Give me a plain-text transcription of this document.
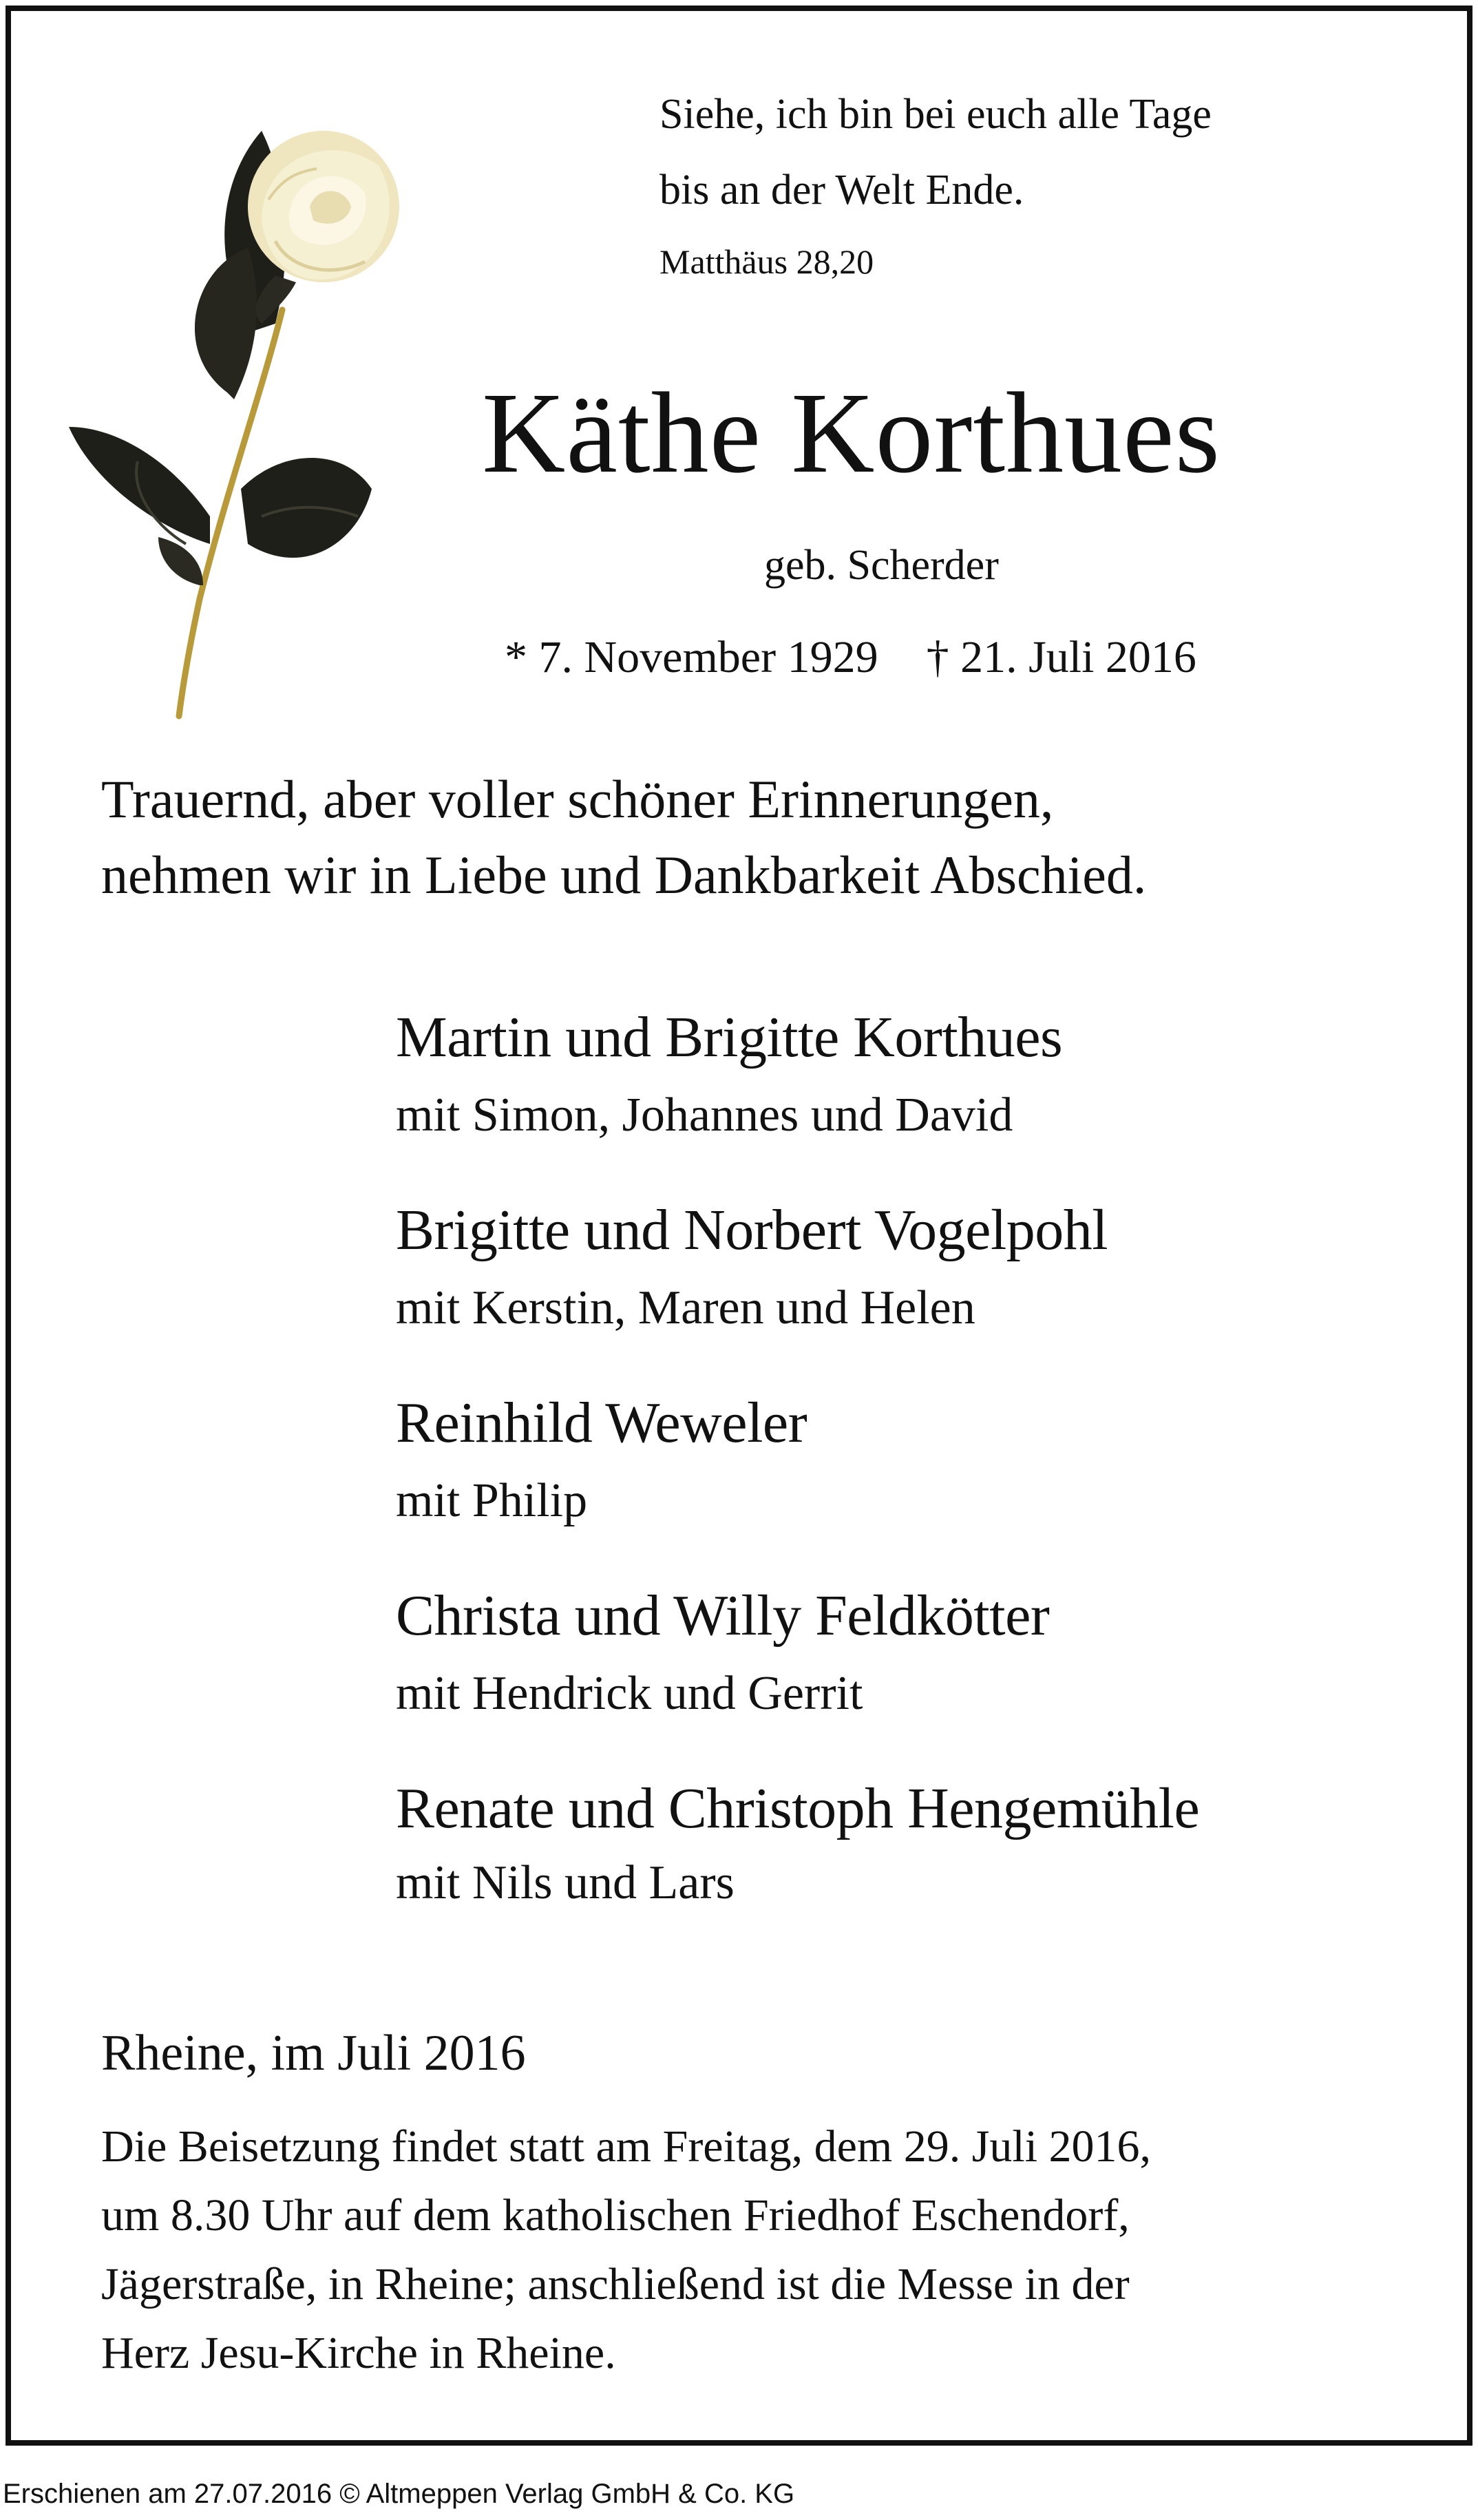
Siehe, ich bin bei euch alle Tage
bis an der Welt Ende.
Matthäus 28,20
Käthe Korthues
geb. Scherder
* 7. November 1929 † 21. Juli 2016
Trauernd, aber voller schöner Erinnerungen,
nehmen wir in Liebe und Dankbarkeit Abschied.
Martin und Brigitte Korthues
mit Simon, Johannes und David
Brigitte und Norbert Vogelpohl
mit Kerstin, Maren und Helen
Reinhild Weweler
mit Philip
Christa und Willy Feldkötter
mit Hendrick und Gerrit
Renate und Christoph Hengemühle
mit Nils und Lars
Rheine, im Juli 2016
Die Beisetzung findet statt am Freitag, dem 29. Juli 2016,
um 8.30 Uhr auf dem katholischen Friedhof Eschendorf,
Jägerstraße, in Rheine; anschließend ist die Messe in der
Herz Jesu-Kirche in Rheine.
Erschienen am 27.07.2016 © Altmeppen Verlag GmbH & Co. KG
